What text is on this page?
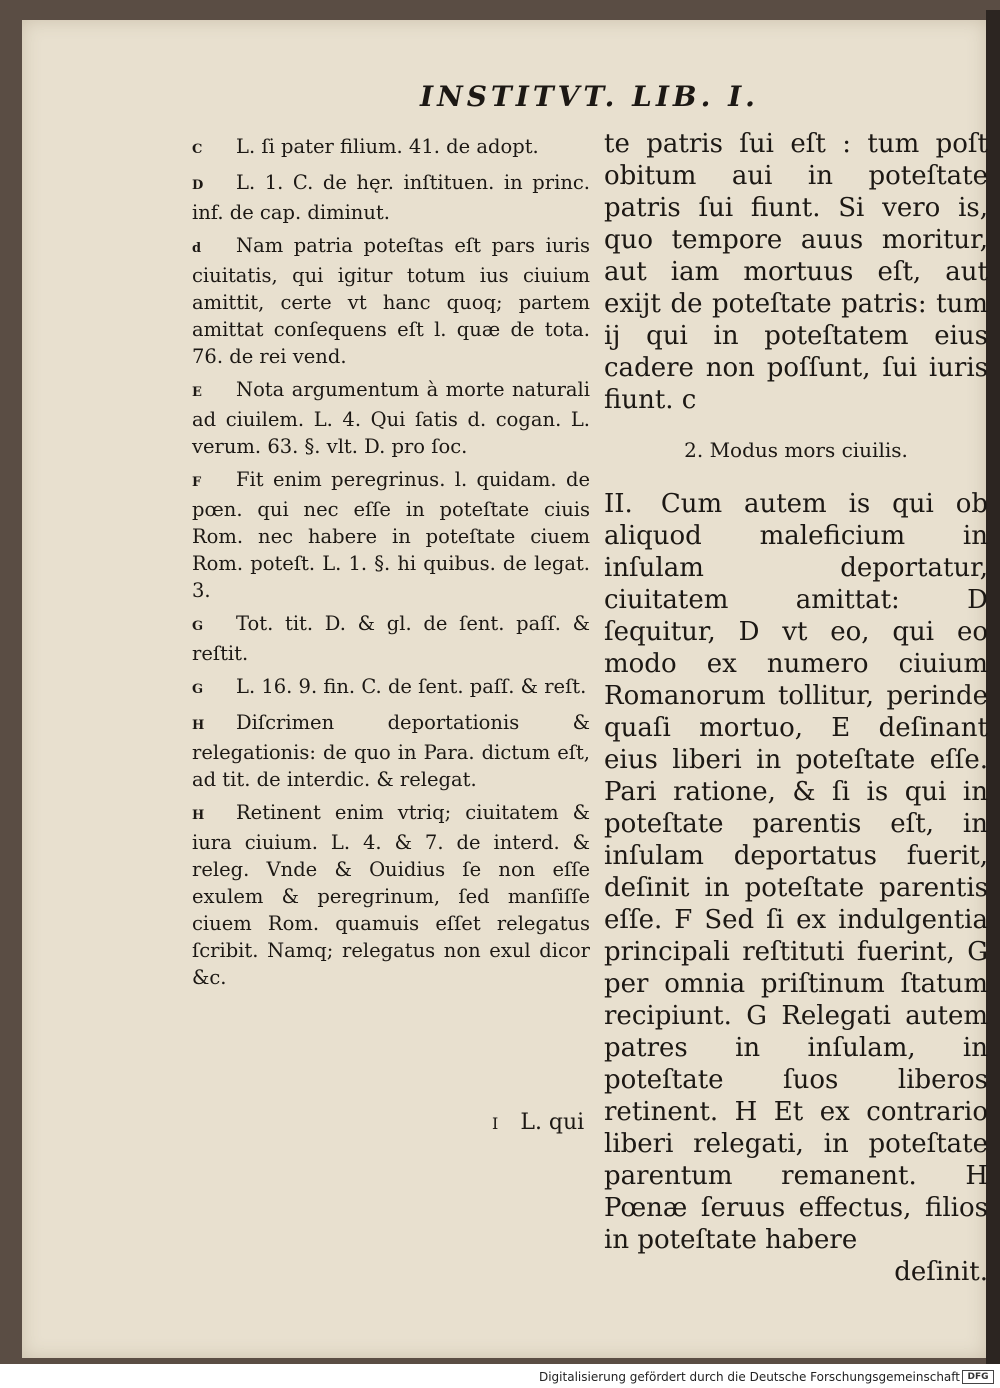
INSTITVT. LIB. I.
C L. ſi pater filium. 41. de adopt.
D L. 1. C. de hęr. inſtituen. in princ. inf. de cap. diminut.
d Nam patria poteſtas eſt pars iuris ciuitatis, qui igitur totum ius ciuium amittit, certe vt hanc quoq; partem amittat conſequens eſt l. quæ de tota. 76. de rei vend.
E Nota argumentum à morte naturali ad ciuilem. L. 4. Qui ſatis d. cogan. L. verum. 63. §. vlt. D. pro ſoc.
F Fit enim peregrinus. l. quidam. de pœn. qui nec eſſe in poteſtate ciuis Rom. nec habere in poteſtate ciuem Rom. poteſt. L. 1. §. hi quibus. de legat. 3.
G Tot. tit. D. & gl. de ſent. paſſ. & reſtit.
G L. 16. 9. fin. C. de ſent. paſſ. & reſt.
H Diſcrimen deportationis & relegationis: de quo in Para. dictum eſt, ad tit. de interdic. & relegat.
H Retinent enim vtriq; ciuitatem & iura ciuium. L. 4. & 7. de interd. & releg. Vnde & Ouidius ſe non eſſe exulem & peregrinum, ſed manſiſſe ciuem Rom. quamuis eſſet relegatus ſcribit. Namq; relegatus non exul dicor &c.

te patris ſui eſt : tum poſt obitum aui in poteſtate patris ſui fiunt. Si vero is, quo tempore auus moritur, aut iam mortuus eſt, aut exijt de poteſtate patris: tum ij qui in poteſtatem eius cadere non poſſunt, ſui iuris fiunt. c

2. Modus mors ciuilis.

II. Cum autem is qui ob aliquod maleficium in inſulam deportatur, ciuitatem amittat: D ſequitur, D vt eo, qui eo modo ex numero ciuium Romanorum tollitur, perinde quaſi mortuo, E deſinant eius liberi in poteſtate eſſe. Pari ratione, & ſi is qui in poteſtate parentis eſt, in inſulam deportatus fuerit, deſinit in poteſtate parentis eſſe. F Sed ſi ex indulgentia principali reſtituti fuerint, G per omnia priſtinum ſtatum recipiunt. G Relegati autem patres in inſulam, in poteſtate ſuos liberos retinent. H Et ex contrario liberi relegati, in poteſtate parentum remanent. H Pœnæ ſeruus effectus, filios in poteſtate habere

deſinit.

I L. qui
Digitalisierung gefördert durch die Deutsche Forschungsgemeinschaft DFG
